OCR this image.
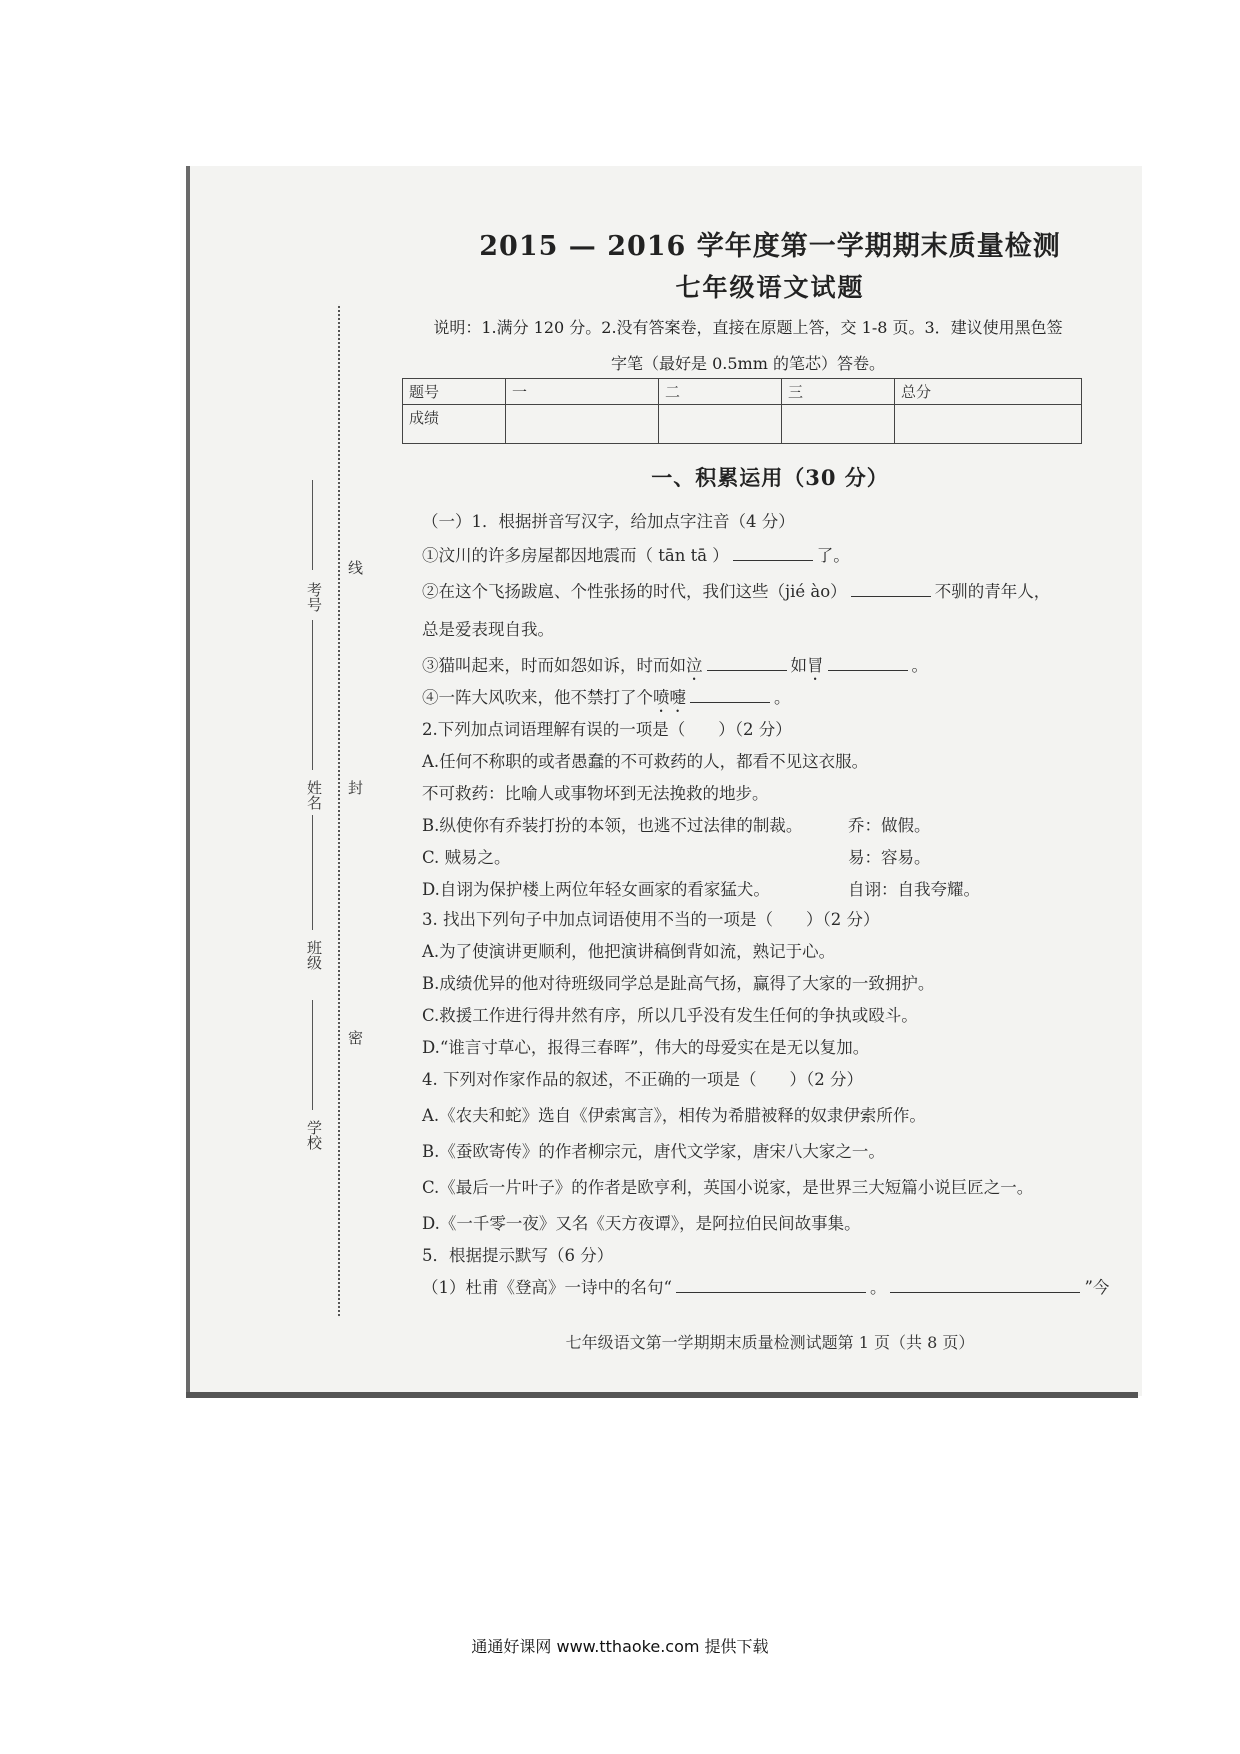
线
封
密
考号
姓名
班级
学校
2015 — 2016 学年度第一学期期末质量检测
七年级语文试题
说明：1.满分 120 分。2.没有答案卷，直接在原题上答，交 1-8 页。3．建议使用黑色签
字笔（最好是 0.5mm 的笔芯）答卷。
题号	一	二	三	总分
成绩				
一、积累运用（30 分）
（一）1．根据拼音写汉字，给加点字注音（4 分）
①汶川的许多房屋都因地震而（ tān tā ）	了。
②在这个飞扬跋扈、个性张扬的时代，我们这些（jié ào）	不驯的青年人，
总是爱表现自我。
③猫叫起来，时而如怨如诉，时而如泣	如冒	。
④一阵大风吹来，他不禁打了个喷嚏	。
2.下列加点词语理解有误的一项是（　　）（2 分）
A.任何不称职的或者愚蠢的不可救药的人，都看不见这衣服。
不可救药：比喻人或事物坏到无法挽救的地步。
B.纵使你有乔装打扮的本领，也逃不过法律的制裁。	乔：做假。
C. 贼易之。	易：容易。
D.自诩为保护楼上两位年轻女画家的看家猛犬。	自诩：自我夸耀。
3. 找出下列句子中加点词语使用不当的一项是（　　）（2 分）
A.为了使演讲更顺利，他把演讲稿倒背如流，熟记于心。
B.成绩优异的他对待班级同学总是趾高气扬，赢得了大家的一致拥护。
C.救援工作进行得井然有序，所以几乎没有发生任何的争执或殴斗。
D.“谁言寸草心，报得三春晖”，伟大的母爱实在是无以复加。
4. 下列对作家作品的叙述，不正确的一项是（　　）（2 分）
A.《农夫和蛇》选自《伊索寓言》，相传为希腊被释的奴隶伊索所作。
B.《蚕欧寄传》的作者柳宗元，唐代文学家，唐宋八大家之一。
C.《最后一片叶子》的作者是欧亨利，英国小说家，是世界三大短篇小说巨匠之一。
D.《一千零一夜》又名《天方夜谭》，是阿拉伯民间故事集。
5．根据提示默写（6 分）
（1）杜甫《登高》一诗中的名句“	。	”今
七年级语文第一学期期末质量检测试题第 1 页（共 8 页）
通通好课网 www.tthaoke.com 提供下载
